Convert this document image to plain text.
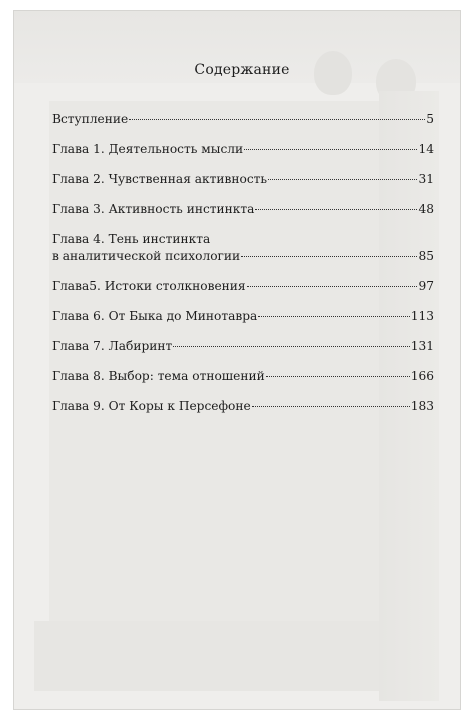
Содержание
Вступление	5
Глава 1. Деятельность мысли	14
Глава 2. Чувственная активность	31
Глава 3. Активность инстинкта	48
Глава 4. Тень инстинкта
в аналитической психологии	85
Глава5. Истоки столкновения	97
Глава 6. От Быка до Минотавра	113
Глава 7. Лабиринт	131
Глава 8. Выбор: тема отношений	166
Глава 9. От Коры к Персефоне	183
